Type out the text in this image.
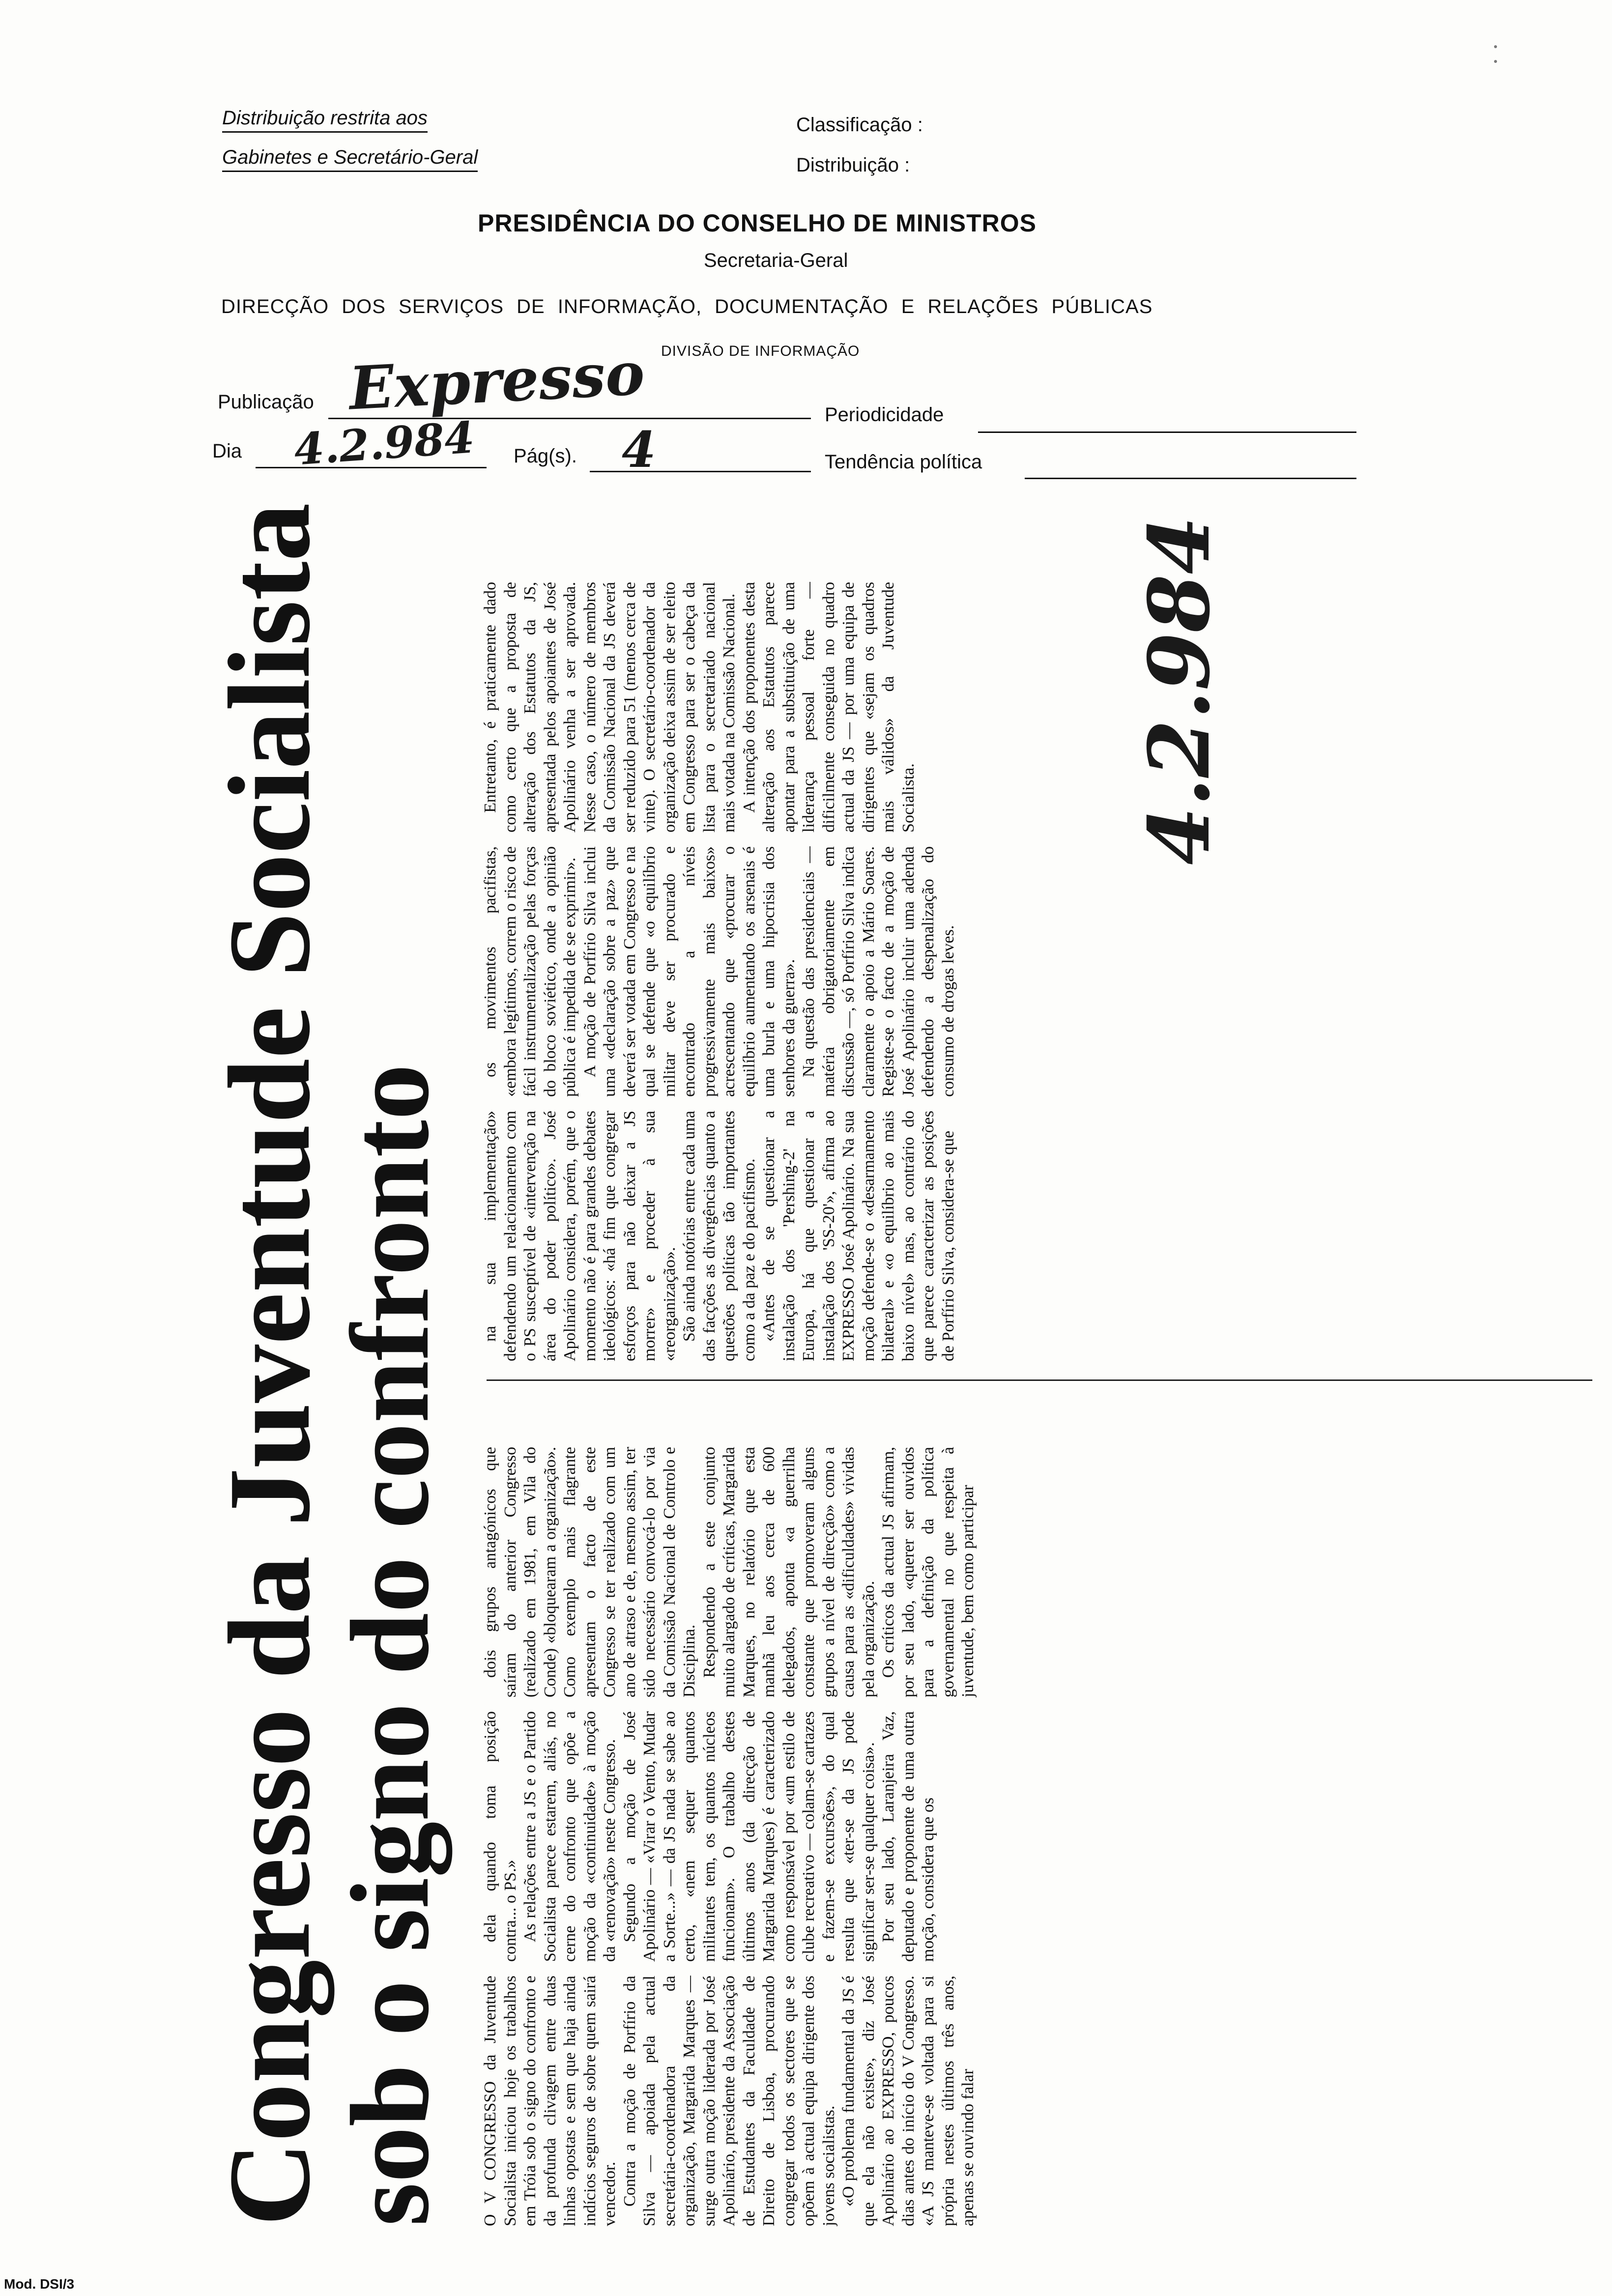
Distribuição restrita aos
Gabinetes e Secretário-Geral
Classificação :
Distribuição :
PRESIDÊNCIA DO CONSELHO DE MINISTROS
Secretaria-Geral
DIRECÇÃO DOS SERVIÇOS DE INFORMAÇÃO, DOCUMENTAÇÃO E RELAÇÕES PÚBLICAS
DIVISÃO DE INFORMAÇÃO
Publicação Expresso	Periodicidade
Dia 4.2.984 Pág(s). 4	Tendência política
4.2.984
Congresso da Juventude Socialista
sob o signo do confronto O V CONGRESSO da Juventude Socialista iniciou hoje os trabalhos em Tróia sob o signo do confronto e da profunda clivagem entre duas linhas opostas e sem que haja ainda indícios seguros de sobre quem sairá vencedor. Contra a moção de Porfírio da Silva — apoiada pela actual secretária-coordenadora da organização, Margarida Marques — surge outra moção liderada por José Apolinário, presidente da Associação de Estudantes da Faculdade de Direito de Lisboa, procurando congregar todos os sectores que se opõem à actual equipa dirigente dos jovens socialistas. «O problema fundamental da JS é que ela não existe», diz José Apolinário ao EXPRESSO, poucos dias antes do início do V Congresso. «A JS manteve-se voltada para si própria nestes últimos três anos, apenas se ouvindo falar

dela quando toma posição contra... o PS.» As relações entre a JS e o Partido Socialista parece estarem, aliás, no cerne do confronto que opõe a moção da «continuidade» à moção da «renovação» neste Congresso. Segundo a moção de José Apolinário — «Virar o Vento, Mudar a Sorte...» — da JS nada se sabe ao certo, «nem sequer quantos militantes tem, os quantos núcleos funcionam». O trabalho destes últimos anos (da direcção de Margarida Marques) é caracterizado como responsável por «um estilo de clube recreativo — colam-se cartazes e fazem-se excursões», do qual resulta que «ter-se da JS pode significar ser-se qualquer coisa». Por seu lado, Laranjeira Vaz, deputado e proponente de uma outra moção, considera que os

dois grupos antagónicos que saíram do anterior Congresso (realizado em 1981, em Vila do Conde) «bloquearam a organização». Como exemplo mais flagrante apresentam o facto de este Congresso se ter realizado com um ano de atraso e de, mesmo assim, ter sido necessário convocá-lo por via da Comissão Nacional de Controlo e Disciplina. Respondendo a este conjunto muito alargado de críticas, Margarida Marques, no relatório que esta manhã leu aos cerca de 600 delegados, aponta «a guerrilha constante que promoveram alguns grupos a nível de direcção» como a causa para as «dificuldades» vividas pela organização. Os críticos da actual JS afirmam, por seu lado, «querer ser ouvidos para a definição da política governamental no que respeita à juventude, bem como participar

na sua implementação» defendendo um relacionamento com o PS susceptível de «intervenção na área do poder político». José Apolinário considera, porém, que o momento não é para grandes debates ideológicos: «há fim que congregar esforços para não deixar a JS morrer» e proceder à sua «reorganização». São ainda notórias entre cada uma das facções as divergências quanto a questões políticas tão importantes como a da paz e do pacifismo. «Antes de se questionar a instalação dos 'Pershing-2' na Europa, há que questionar a instalação dos 'SS-20'», afirma ao EXPRESSO José Apolinário. Na sua moção defende-se o «desarmamento bilateral» e «o equilíbrio ao mais baixo nível» mas, ao contrário do que parece caracterizar as posições de Porfírio Silva, considera-se que

os movimentos pacifistas, «embora legítimos, correm o risco de fácil instrumentalização pelas forças do bloco soviético, onde a opinião pública é impedida de se exprimir». A moção de Porfírio Silva inclui uma «declaração sobre a paz» que deverá ser votada em Congresso e na qual se defende que «o equilíbrio militar deve ser procurado e encontrado a níveis progressivamente mais baixos» acrescentando que «procurar o equilíbrio aumentando os arsenais é uma burla e uma hipocrisia dos senhores da guerra». Na questão das presidenciais — matéria obrigatoriamente em discussão —, só Porfírio Silva indica claramente o apoio a Mário Soares. Registe-se o facto de a moção de José Apolinário incluir uma adenda defendendo a despenalização do consumo de drogas leves.

Entretanto, é praticamente dado como certo que a proposta de alteração dos Estatutos da JS, apresentada pelos apoiantes de José Apolinário venha a ser aprovada. Nesse caso, o número de membros da Comissão Nacional da JS deverá ser reduzido para 51 (menos cerca de vinte). O secretário-coordenador da organização deixa assim de ser eleito em Congresso para ser o cabeça da lista para o secretariado nacional mais votada na Comissão Nacional. A intenção dos proponentes desta alteração aos Estatutos parece apontar para a substituição de uma liderança pessoal forte — dificilmente conseguida no quadro actual da JS — por uma equipa de dirigentes que «sejam os quadros mais válidos» da Juventude Socialista.

Mod. DSI/3
